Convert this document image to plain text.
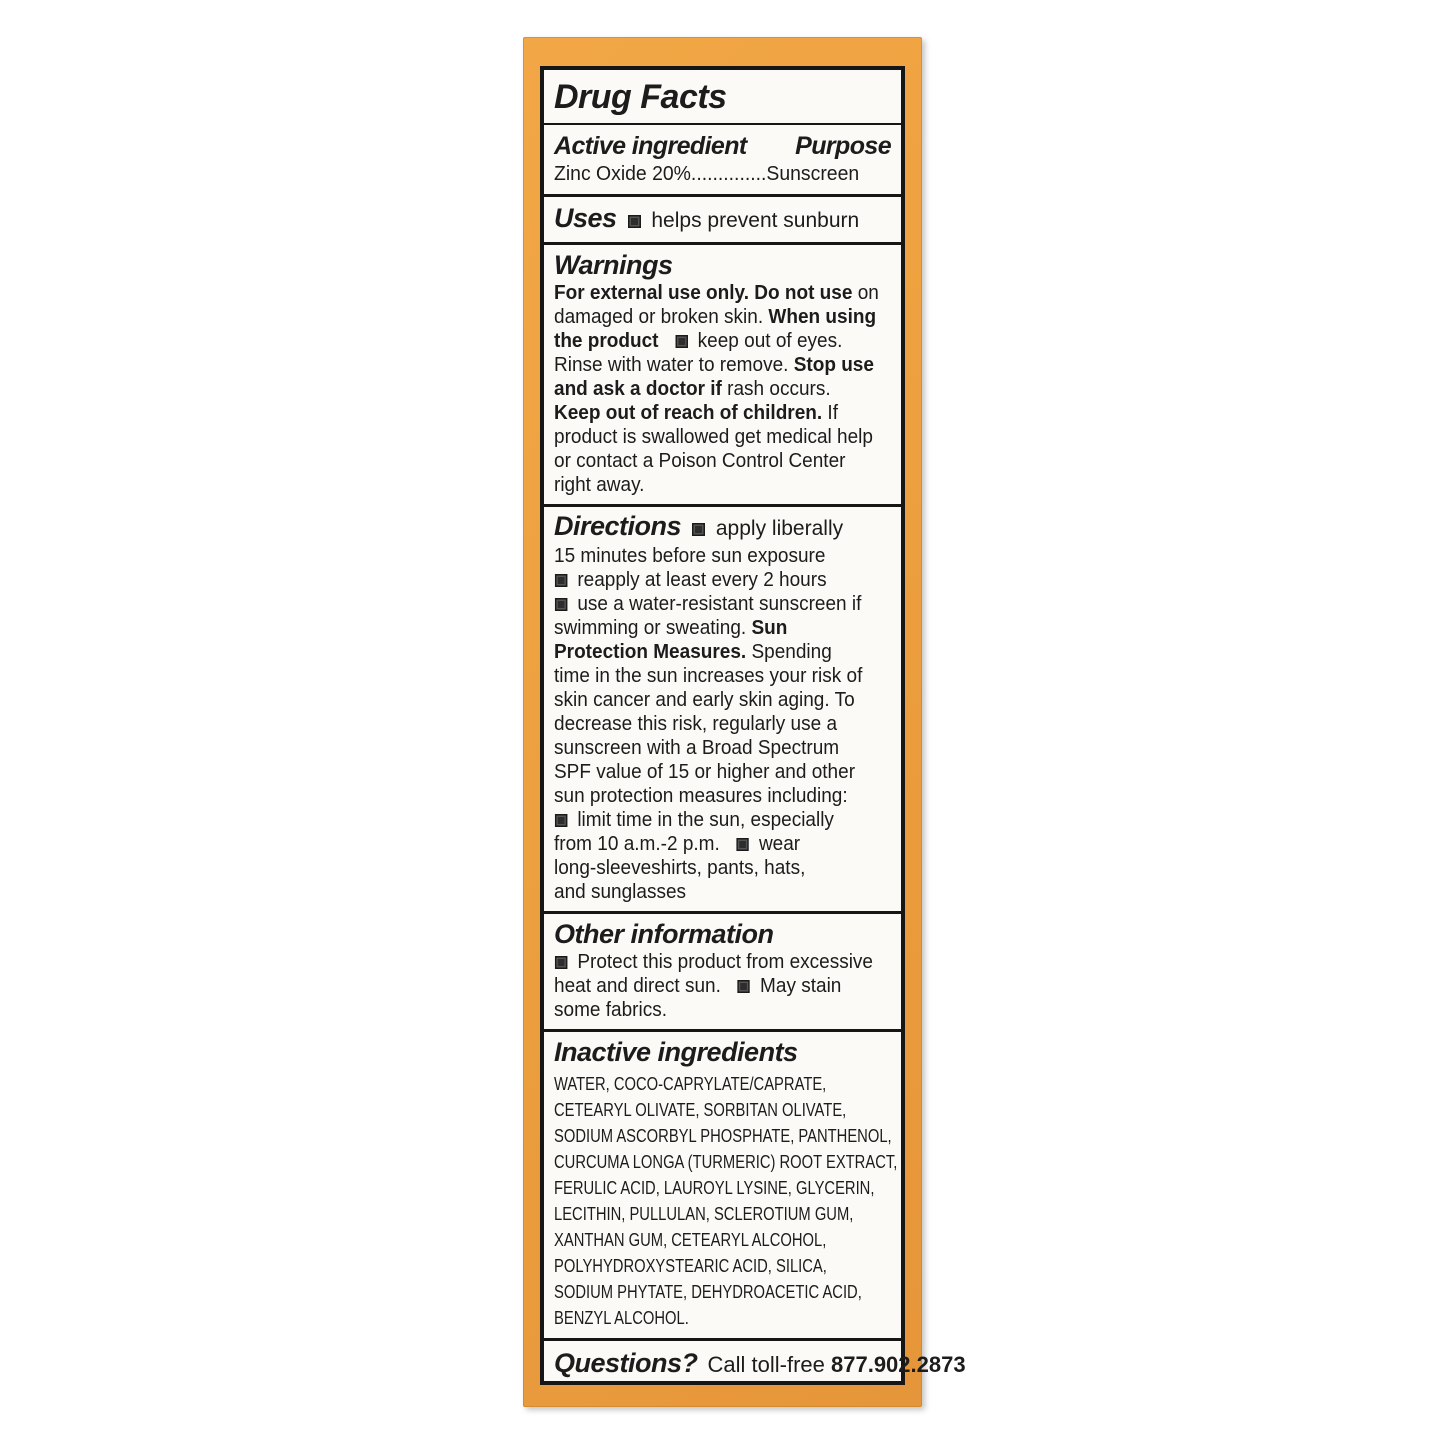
Drug Facts
Active ingredient Purpose
Zinc Oxide 20%..............Sunscreen
Uses	helps prevent sunburn
Warnings
For external use only. Do not use on
damaged or broken skin. When using
the product    keep out of eyes.
Rinse with water to remove. Stop use
and ask a doctor if rash occurs.
Keep out of reach of children. If
product is swallowed get medical help
or contact a Poison Control Center
right away.
Directions	apply liberally
15 minutes before sun exposure
reapply at least every 2 hours
use a water-resistant sunscreen if
swimming or sweating. Sun
Protection Measures. Spending
time in the sun increases your risk of
skin cancer and early skin aging. To
decrease this risk, regularly use a
sunscreen with a Broad Spectrum
SPF value of 15 or higher and other
sun protection measures including:
limit time in the sun, especially
from 10 a.m.-2 p.m.    wear
long-sleeveshirts, pants, hats,
and sunglasses
Other information
Protect this product from excessive
heat and direct sun.    May stain
some fabrics.
Inactive ingredients
WATER, COCO-CAPRYLATE/CAPRATE,
CETEARYL OLIVATE, SORBITAN OLIVATE,
SODIUM ASCORBYL PHOSPHATE, PANTHENOL,
CURCUMA LONGA (TURMERIC) ROOT EXTRACT,
FERULIC ACID, LAUROYL LYSINE, GLYCERIN,
LECITHIN, PULLULAN, SCLEROTIUM GUM,
XANTHAN GUM, CETEARYL ALCOHOL,
POLYHYDROXYSTEARIC ACID, SILICA,
SODIUM PHYTATE, DEHYDROACETIC ACID,
BENZYL ALCOHOL.
Questions? Call toll-free 877.902.2873
